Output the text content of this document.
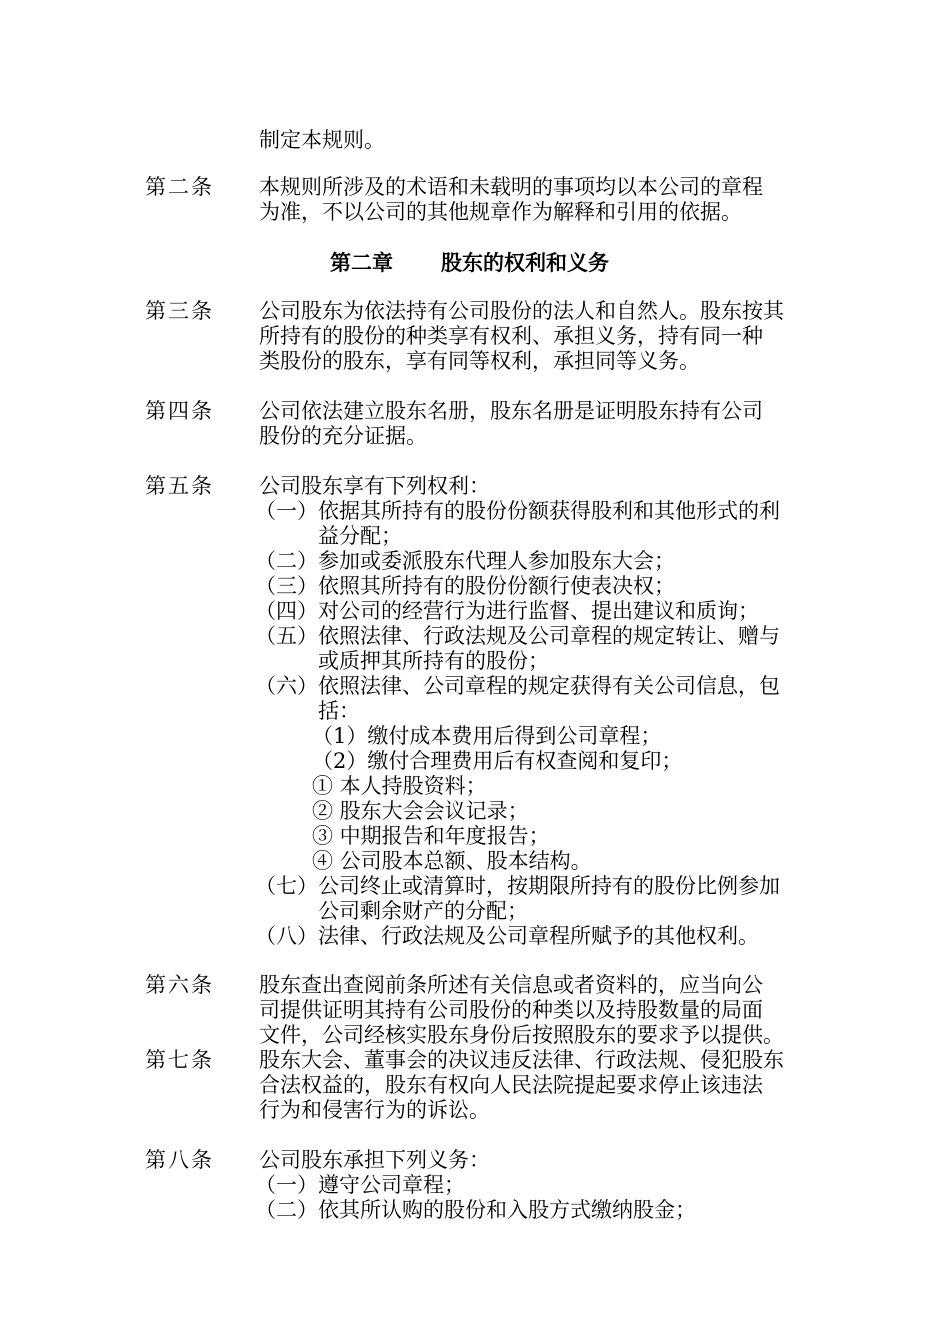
制定本规则。
第二条 本规则所涉及的术语和未载明的事项均以本公司的章程
为准，不以公司的其他规章作为解释和引用的依据。
第二章 股东的权利和义务
第三条 公司股东为依法持有公司股份的法人和自然人。股东按其
所持有的股份的种类享有权利、承担义务，持有同一种
类股份的股东，享有同等权利，承担同等义务。
第四条 公司依法建立股东名册，股东名册是证明股东持有公司
股份的充分证据。
第五条 公司股东享有下列权利：
（一）依据其所持有的股份份额获得股利和其他形式的利
益分配；
（二）参加或委派股东代理人参加股东大会；
（三）依照其所持有的股份份额行使表决权；
（四）对公司的经营行为进行监督、提出建议和质询；
（五）依照法律、行政法规及公司章程的规定转让、赠与
或质押其所持有的股份；
（六）依照法律、公司章程的规定获得有关公司信息，包
括：
（1）缴付成本费用后得到公司章程；
（2）缴付合理费用后有权查阅和复印；
① 本人持股资料；
② 股东大会会议记录；
③ 中期报告和年度报告；
④ 公司股本总额、股本结构。
（七）公司终止或清算时，按期限所持有的股份比例参加
公司剩余财产的分配；
（八）法律、行政法规及公司章程所赋予的其他权利。
第六条 股东查出查阅前条所述有关信息或者资料的，应当向公
司提供证明其持有公司股份的种类以及持股数量的局面
文件，公司经核实股东身份后按照股东的要求予以提供。
第七条 股东大会、董事会的决议违反法律、行政法规、侵犯股东
合法权益的，股东有权向人民法院提起要求停止该违法
行为和侵害行为的诉讼。
第八条 公司股东承担下列义务：
（一）遵守公司章程；
（二）依其所认购的股份和入股方式缴纳股金；
